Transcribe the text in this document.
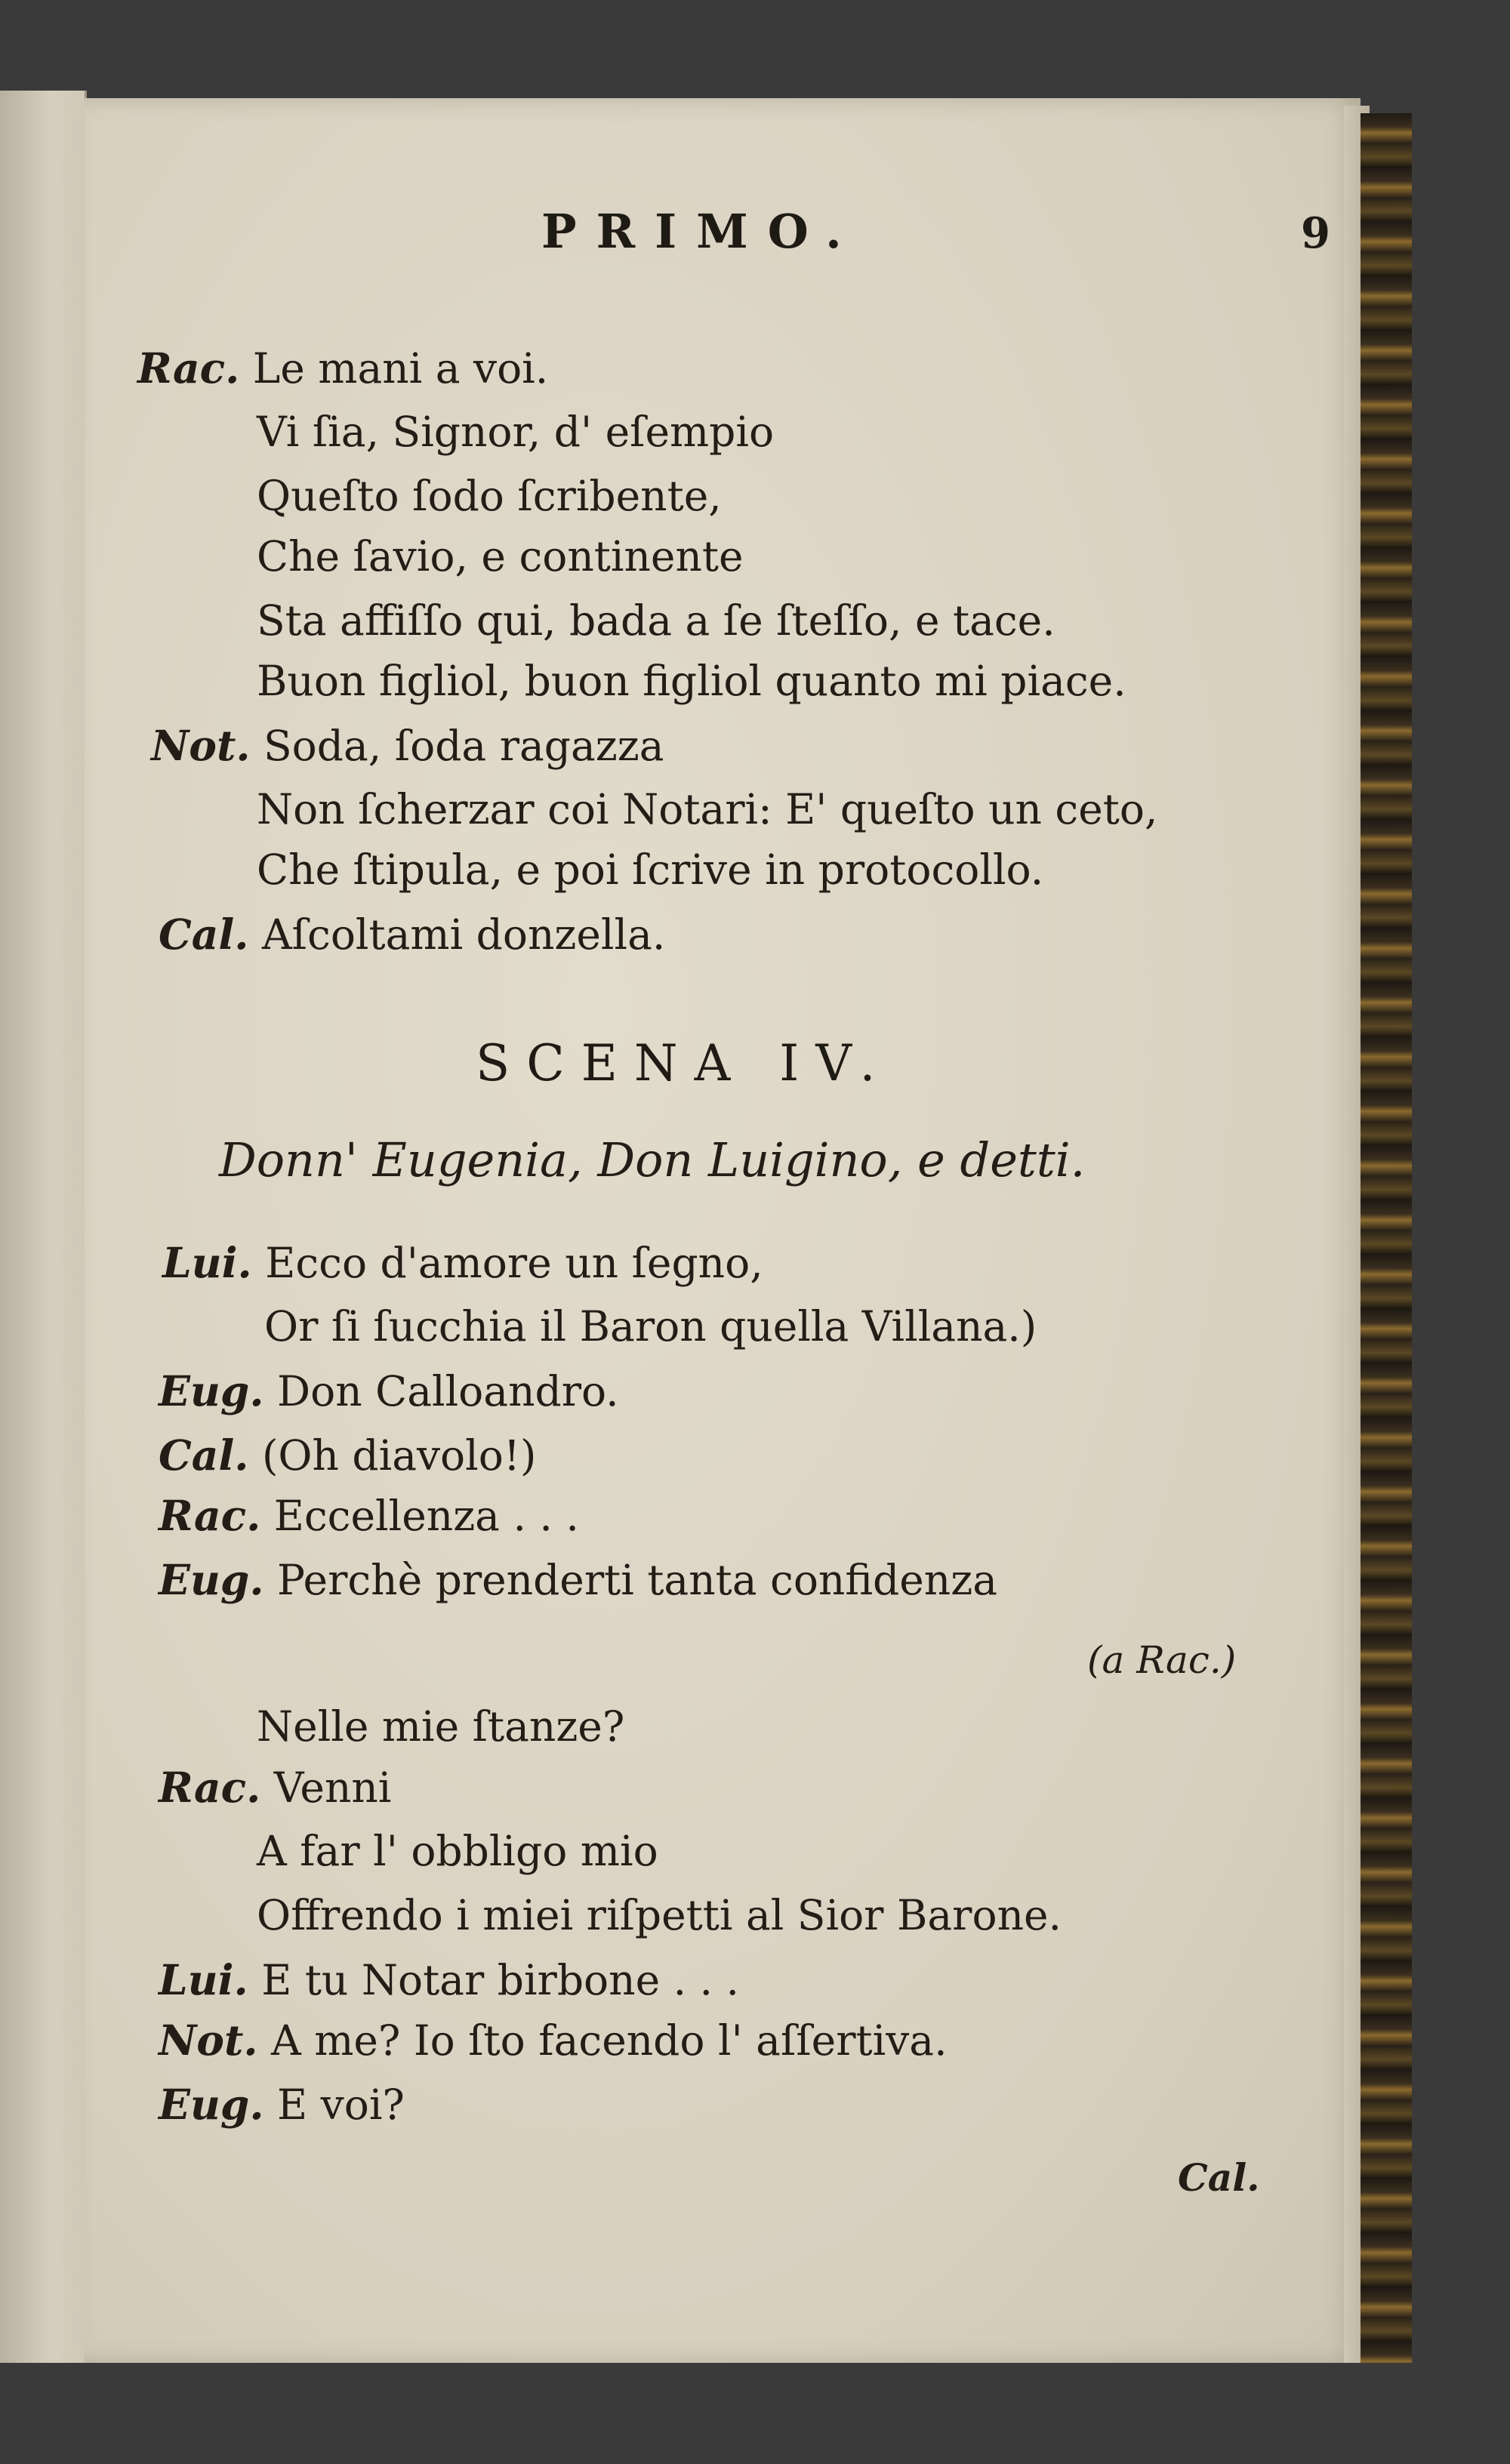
PRIMO.	9
Rac. Le mani a voi.
Vi ſia, Signor, d' eſempio
Queſto ſodo ſcribente,
Che ſavio, e continente
Sta affiſſo qui, bada a ſe ſteſſo, e tace.
Buon figliol, buon figliol quanto mi piace.
Not. Soda, ſoda ragazza
Non ſcherzar coi Notari: E' queſto un ceto,
Che ſtipula, e poi ſcrive in protocollo.
Cal. Aſcoltami donzella.
SCENA IV.
Donn' Eugenia, Don Luigino, e detti.
Lui. Ecco d'amore un ſegno,
Or ſi ſucchia il Baron quella Villana.)
Eug. Don Calloandro.
Cal. (Oh diavolo!)
Rac. Eccellenza . . .
Eug. Perchè prenderti tanta confidenza
(a Rac.)
Nelle mie ſtanze?
Rac. Venni
A far l' obbligo mio
Offrendo i miei riſpetti al Sior Barone.
Lui. E tu Notar birbone . . .
Not. A me? Io ſto facendo l' aſſertiva.
Eug. E voi?
Cal.
